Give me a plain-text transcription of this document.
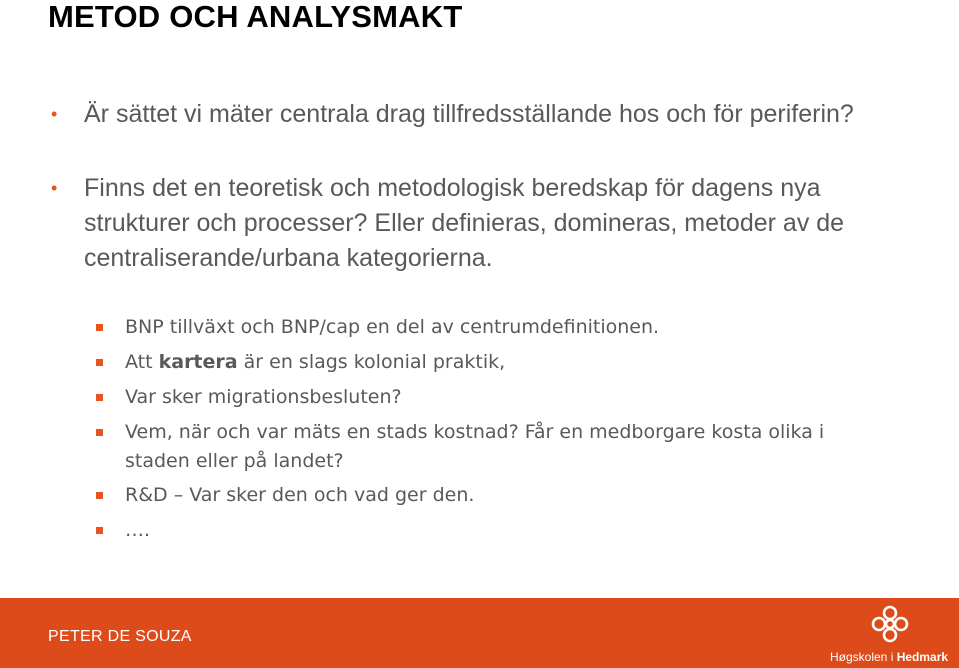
METOD OCH ANALYSMAKT
• Är sättet vi mäter centrala drag tillfredsställande hos och för periferin?
• Finns det en teoretisk och metodologisk beredskap för dagens nya strukturer och processer? Eller definieras, domineras, metoder av de centraliserande/urbana kategorierna.
BNP tillväxt och BNP/cap en del av centrumdefinitionen.
Att kartera är en slags kolonial praktik,
Var sker migrationsbesluten?
Vem, när och var mäts en stads kostnad? Får en medborgare kosta olika i staden eller på landet?
R&D – Var sker den och vad ger den.
….
PETER DE SOUZA
Høgskolen i Hedmark
